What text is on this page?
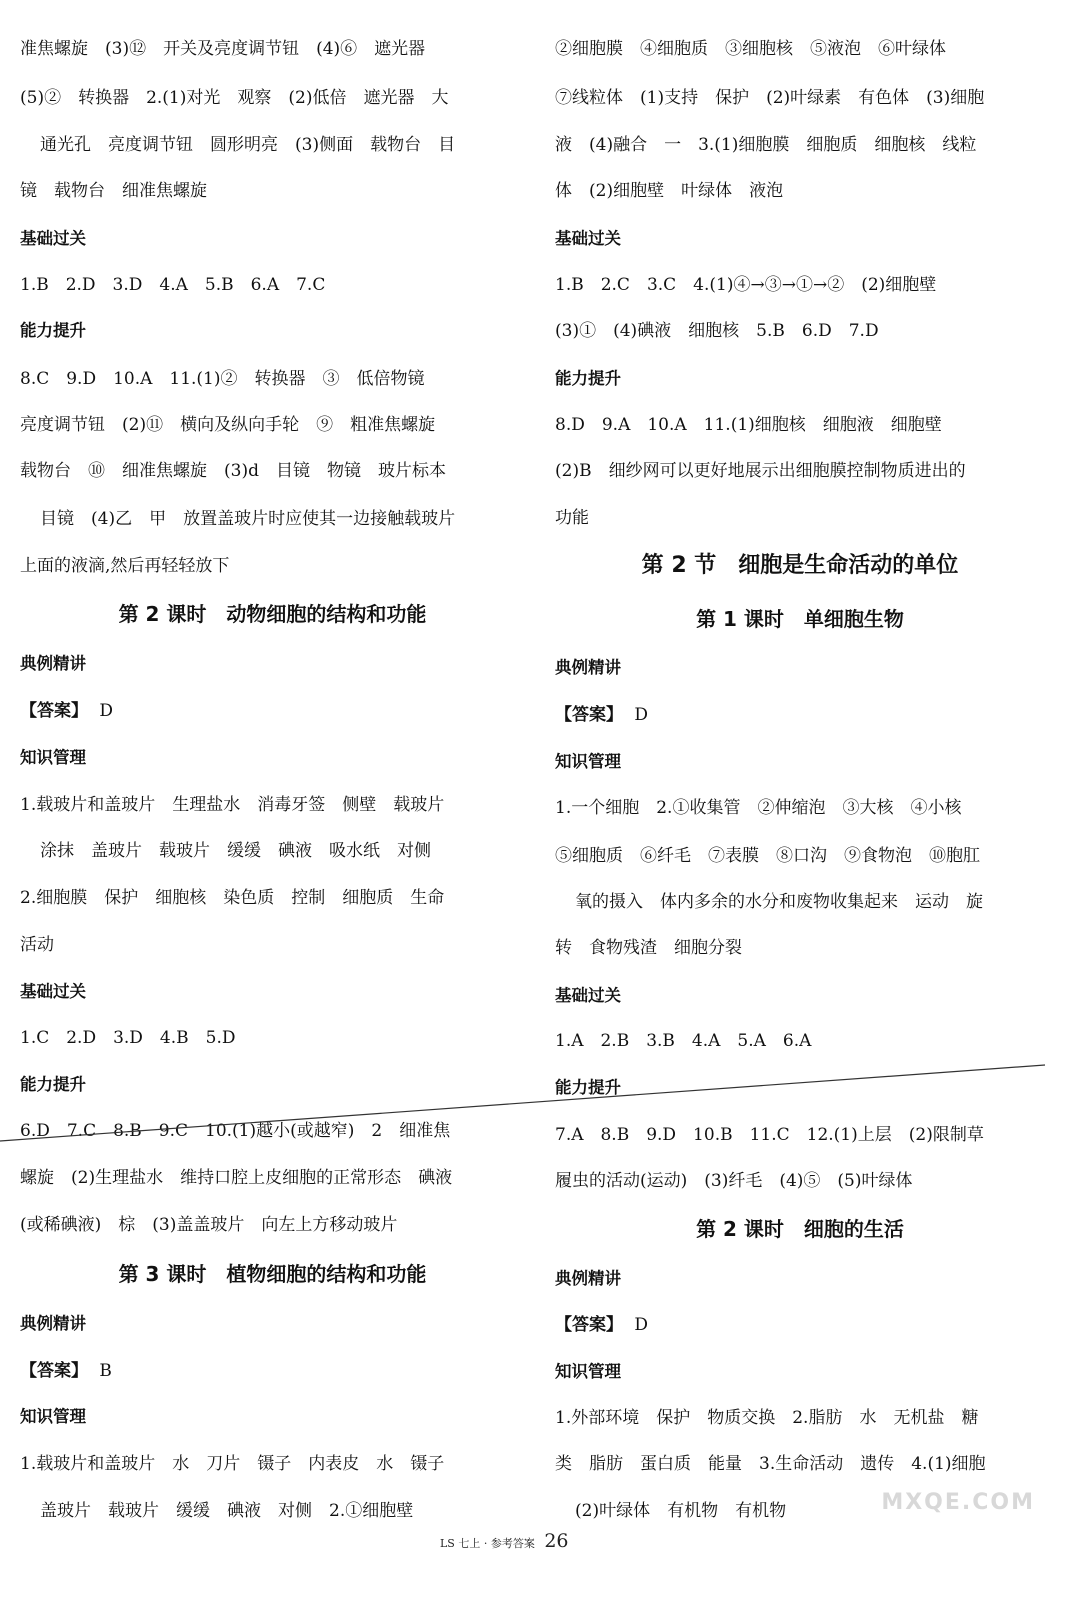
准焦螺旋　(3)⑫　开关及亮度调节钮　(4)⑥　遮光器
(5)②　转换器　2.(1)对光　观察　(2)低倍　遮光器　大
通光孔　亮度调节钮　圆形明亮　(3)侧面　载物台　目
镜　载物台　细准焦螺旋
基础过关
1.B　2.D　3.D　4.A　5.B　6.A　7.C
能力提升
8.C　9.D　10.A　11.(1)②　转换器　③　低倍物镜
亮度调节钮　(2)⑪　横向及纵向手轮　⑨　粗准焦螺旋
载物台　⑩　细准焦螺旋　(3)d　目镜　物镜　玻片标本
目镜　(4)乙　甲　放置盖玻片时应使其一边接触载玻片
上面的液滴,然后再轻轻放下
第 2 课时　动物细胞的结构和功能
典例精讲
【答案】 D
知识管理
1.载玻片和盖玻片　生理盐水　消毒牙签　侧壁　载玻片
涂抹　盖玻片　载玻片　缓缓　碘液　吸水纸　对侧
2.细胞膜　保护　细胞核　染色质　控制　细胞质　生命
活动
基础过关
1.C　2.D　3.D　4.B　5.D
能力提升
6.D　7.C　8.B　9.C　10.(1)越小(或越窄)　2　细准焦
螺旋　(2)生理盐水　维持口腔上皮细胞的正常形态　碘液
(或稀碘液)　棕　(3)盖盖玻片　向左上方移动玻片
第 3 课时　植物细胞的结构和功能
典例精讲
【答案】 B
知识管理
1.载玻片和盖玻片　水　刀片　镊子　内表皮　水　镊子
盖玻片　载玻片　缓缓　碘液　对侧　2.①细胞壁
②细胞膜　④细胞质　③细胞核　⑤液泡　⑥叶绿体
⑦线粒体　(1)支持　保护　(2)叶绿素　有色体　(3)细胞
液　(4)融合　一　3.(1)细胞膜　细胞质　细胞核　线粒
体　(2)细胞壁　叶绿体　液泡
基础过关
1.B　2.C　3.C　4.(1)④→③→①→②　(2)细胞壁
(3)①　(4)碘液　细胞核　5.B　6.D　7.D
能力提升
8.D　9.A　10.A　11.(1)细胞核　细胞液　细胞壁
(2)B　细纱网可以更好地展示出细胞膜控制物质进出的
功能
第 2 节　细胞是生命活动的单位
第 1 课时　单细胞生物
典例精讲
【答案】 D
知识管理
1.一个细胞　2.①收集管　②伸缩泡　③大核　④小核
⑤细胞质　⑥纤毛　⑦表膜　⑧口沟　⑨食物泡　⑩胞肛
氧的摄入　体内多余的水分和废物收集起来　运动　旋
转　食物残渣　细胞分裂
基础过关
1.A　2.B　3.B　4.A　5.A　6.A
能力提升
7.A　8.B　9.D　10.B　11.C　12.(1)上层　(2)限制草
履虫的活动(运动)　(3)纤毛　(4)⑤　(5)叶绿体
第 2 课时　细胞的生活
典例精讲
【答案】 D
知识管理
1.外部环境　保护　物质交换　2.脂肪　水　无机盐　糖
类　脂肪　蛋白质　能量　3.生命活动　遗传　4.(1)细胞
(2)叶绿体　有机物　有机物
LS 七上 · 参考答案 26
MXQE.COM
